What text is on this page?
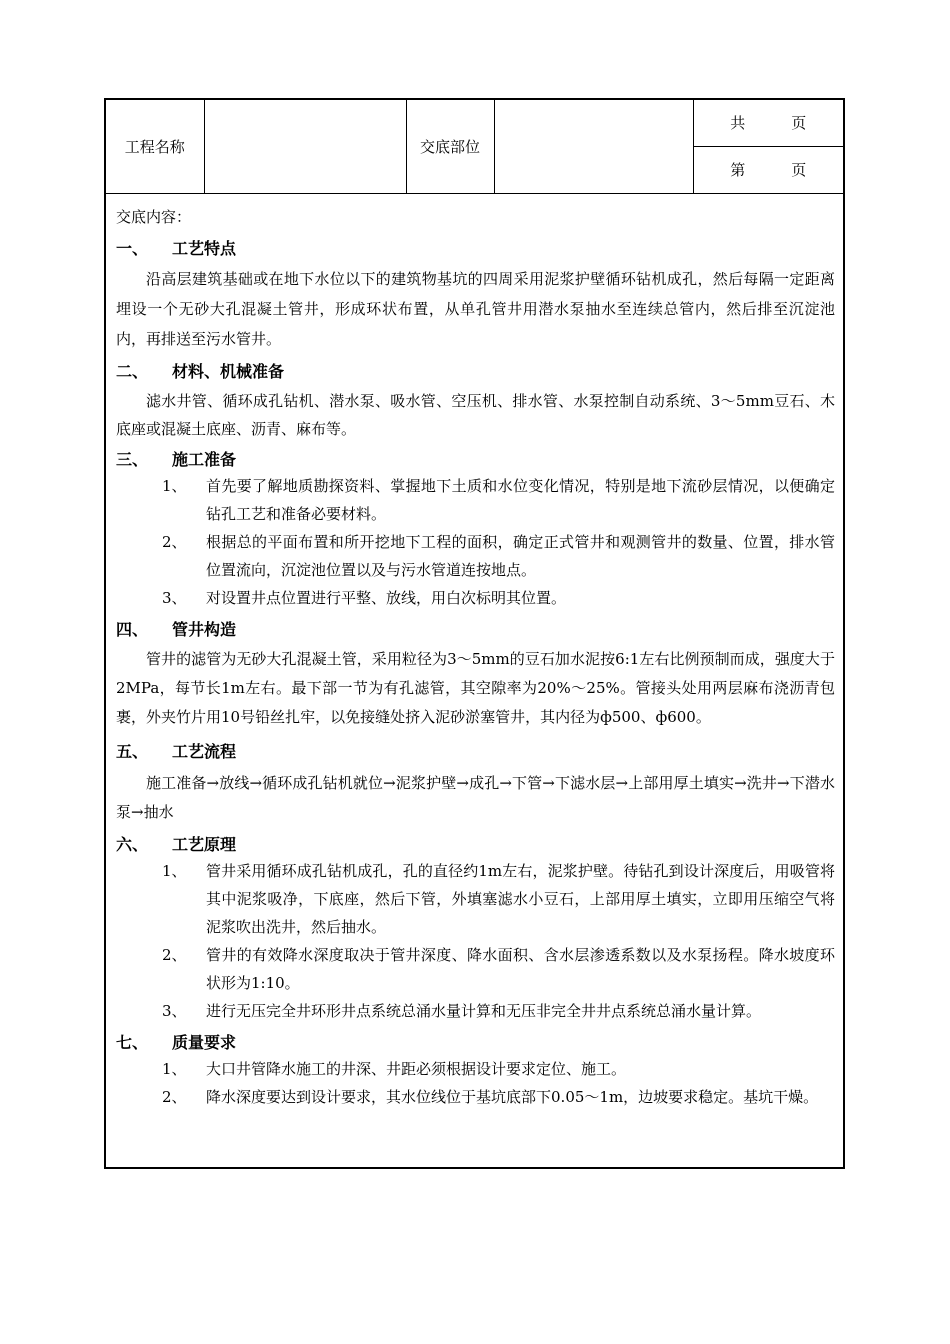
工程名称		交底部位		共	页
第	页
交底内容：
一、 工艺特点

沿高层建筑基础或在地下水位以下的建筑物基坑的四周采用泥浆护壁循环钻机成孔，然后每隔一定距离埋设一个无砂大孔混凝土管井，形成环状布置，从单孔管井用潜水泵抽水至连续总管内，然后排至沉淀池内，再排送至污水管井。

二、 材料、机械准备

滤水井管、循环成孔钻机、潜水泵、吸水管、空压机、排水管、水泵控制自动系统、3～5mm豆石、木底座或混凝土底座、沥青、麻布等。

三、 施工准备
1、	首先要了解地质勘探资料、掌握地下土质和水位变化情况，特别是地下流砂层情况，以便确定钻孔工艺和准备必要材料。
2、	根据总的平面布置和所开挖地下工程的面积，确定正式管井和观测管井的数量、位置，排水管位置流向，沉淀池位置以及与污水管道连按地点。
3、	对设置井点位置进行平整、放线，用白次标明其位置。
四、 管井构造

管井的滤管为无砂大孔混凝土管，采用粒径为3～5mm的豆石加水泥按6:1左右比例预制而成，强度大于2MPa，每节长1m左右。最下部一节为有孔滤管，其空隙率为20%～25%。管接头处用两层麻布浇沥青包裹，外夹竹片用10号铅丝扎牢，以免接缝处挤入泥砂淤塞管井，其内径为ф500、ф600。

五、 工艺流程

施工准备→放线→循环成孔钻机就位→泥浆护壁→成孔→下管→下滤水层→上部用厚土填实→洗井→下潜水泵→抽水

六、 工艺原理
1、	管井采用循环成孔钻机成孔，孔的直径约1m左右，泥浆护壁。待钻孔到设计深度后，用吸管将其中泥浆吸净，下底座，然后下管，外填塞滤水小豆石，上部用厚土填实，立即用压缩空气将泥浆吹出洗井，然后抽水。
2、	管井的有效降水深度取决于管井深度、降水面积、含水层渗透系数以及水泵扬程。降水坡度环状形为1:10。
3、	进行无压完全井环形井点系统总涌水量计算和无压非完全井井点系统总涌水量计算。
七、 质量要求
1、	大口井管降水施工的井深、井距必须根据设计要求定位、施工。
2、	降水深度要达到设计要求，其水位线位于基坑底部下0.05～1m，边坡要求稳定。基坑干燥。
